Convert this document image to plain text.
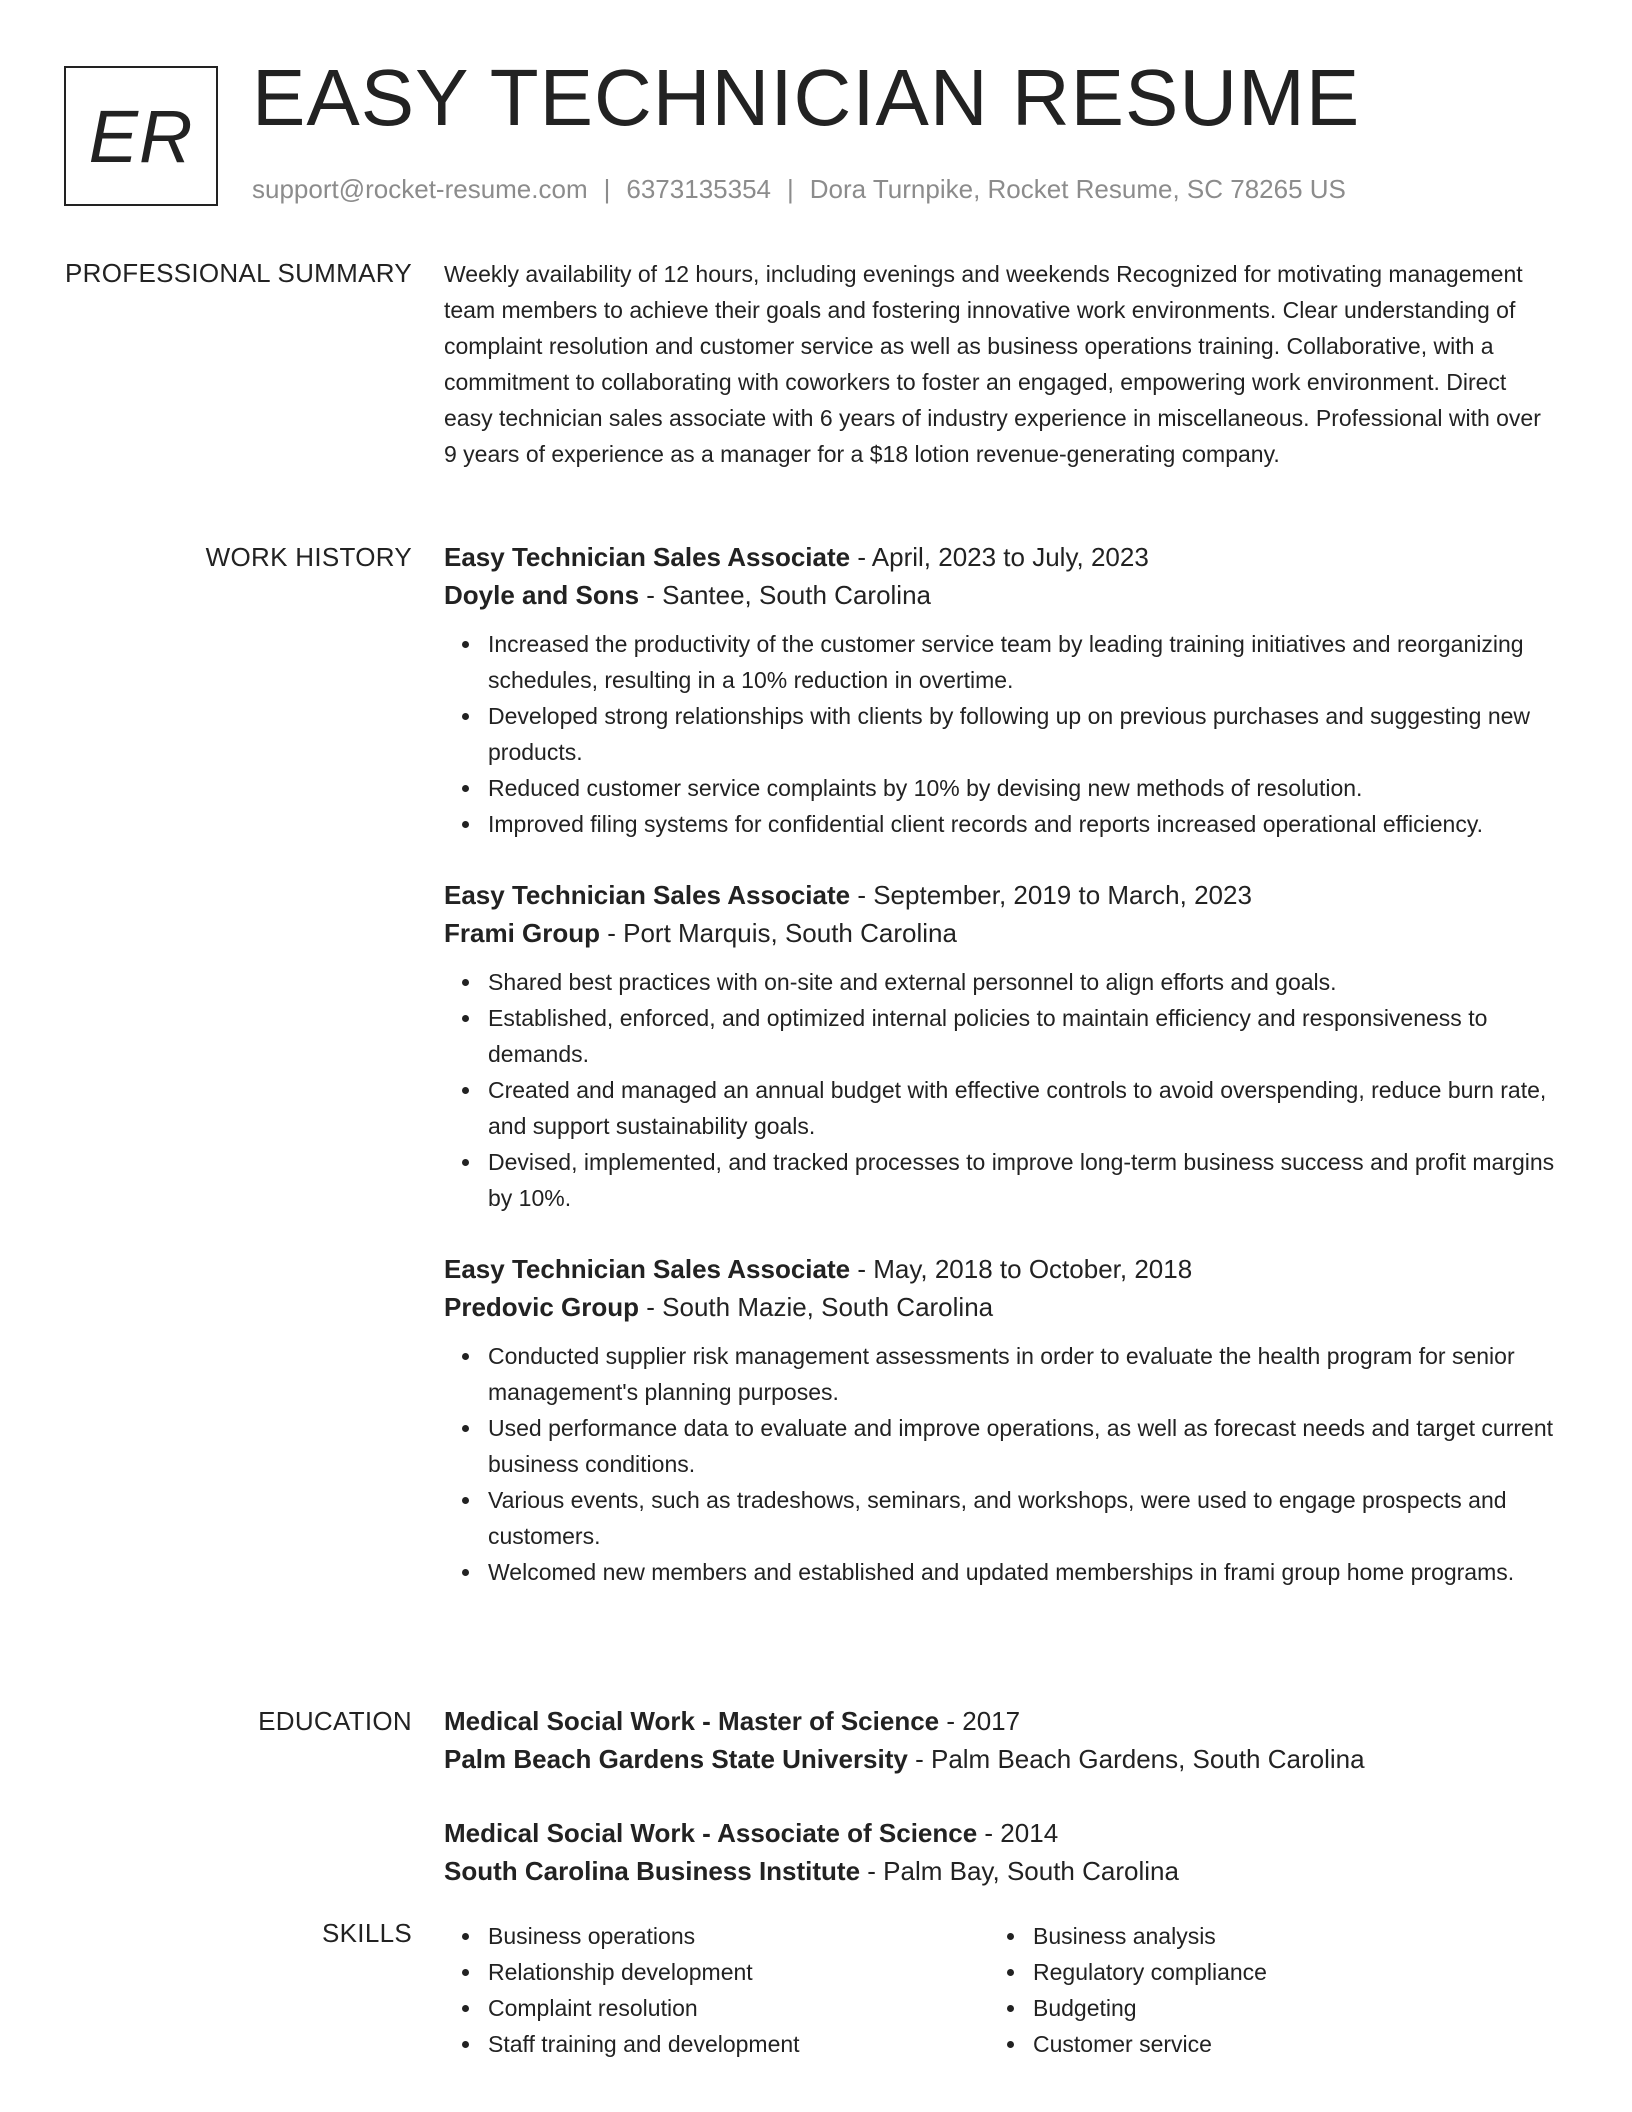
ER EASY TECHNICIAN RESUME
support@rocket-resume.com | 6373135354 | Dora Turnpike, Rocket Resume, SC 78265 US
PROFESSIONAL SUMMARY Weekly availability of 12 hours, including evenings and weekends Recognized for motivating management team members to achieve their goals and fostering innovative work environments. Clear understanding of complaint resolution and customer service as well as business operations training. Collaborative, with a commitment to collaborating with coworkers to foster an engaged, empowering work environment. Direct easy technician sales associate with 6 years of industry experience in miscellaneous. Professional with over 9 years of experience as a manager for a $18 lotion revenue-generating company.

WORK HISTORY Easy Technician Sales Associate - April, 2023 to July, 2023
Doyle and Sons - Santee, South Carolina
Increased the productivity of the customer service team by leading training initiatives and reorganizing schedules, resulting in a 10% reduction in overtime.
Developed strong relationships with clients by following up on previous purchases and suggesting new products.
Reduced customer service complaints by 10% by devising new methods of resolution.
Improved filing systems for confidential client records and reports increased operational efficiency.
Easy Technician Sales Associate - September, 2019 to March, 2023
Frami Group - Port Marquis, South Carolina
Shared best practices with on-site and external personnel to align efforts and goals.
Established, enforced, and optimized internal policies to maintain efficiency and responsiveness to demands.
Created and managed an annual budget with effective controls to avoid overspending, reduce burn rate, and support sustainability goals.
Devised, implemented, and tracked processes to improve long-term business success and profit margins by 10%.
Easy Technician Sales Associate - May, 2018 to October, 2018
Predovic Group - South Mazie, South Carolina
Conducted supplier risk management assessments in order to evaluate the health program for senior management's planning purposes.
Used performance data to evaluate and improve operations, as well as forecast needs and target current business conditions.
Various events, such as tradeshows, seminars, and workshops, were used to engage prospects and customers.
Welcomed new members and established and updated memberships in frami group home programs.
EDUCATION Medical Social Work - Master of Science - 2017
Palm Beach Gardens State University - Palm Beach Gardens, South Carolina
Medical Social Work - Associate of Science - 2014
South Carolina Business Institute - Palm Bay, South Carolina
SKILLS	Business operations
Relationship development
Complaint resolution
Staff training and development
Business analysis
Regulatory compliance
Budgeting
Customer service
